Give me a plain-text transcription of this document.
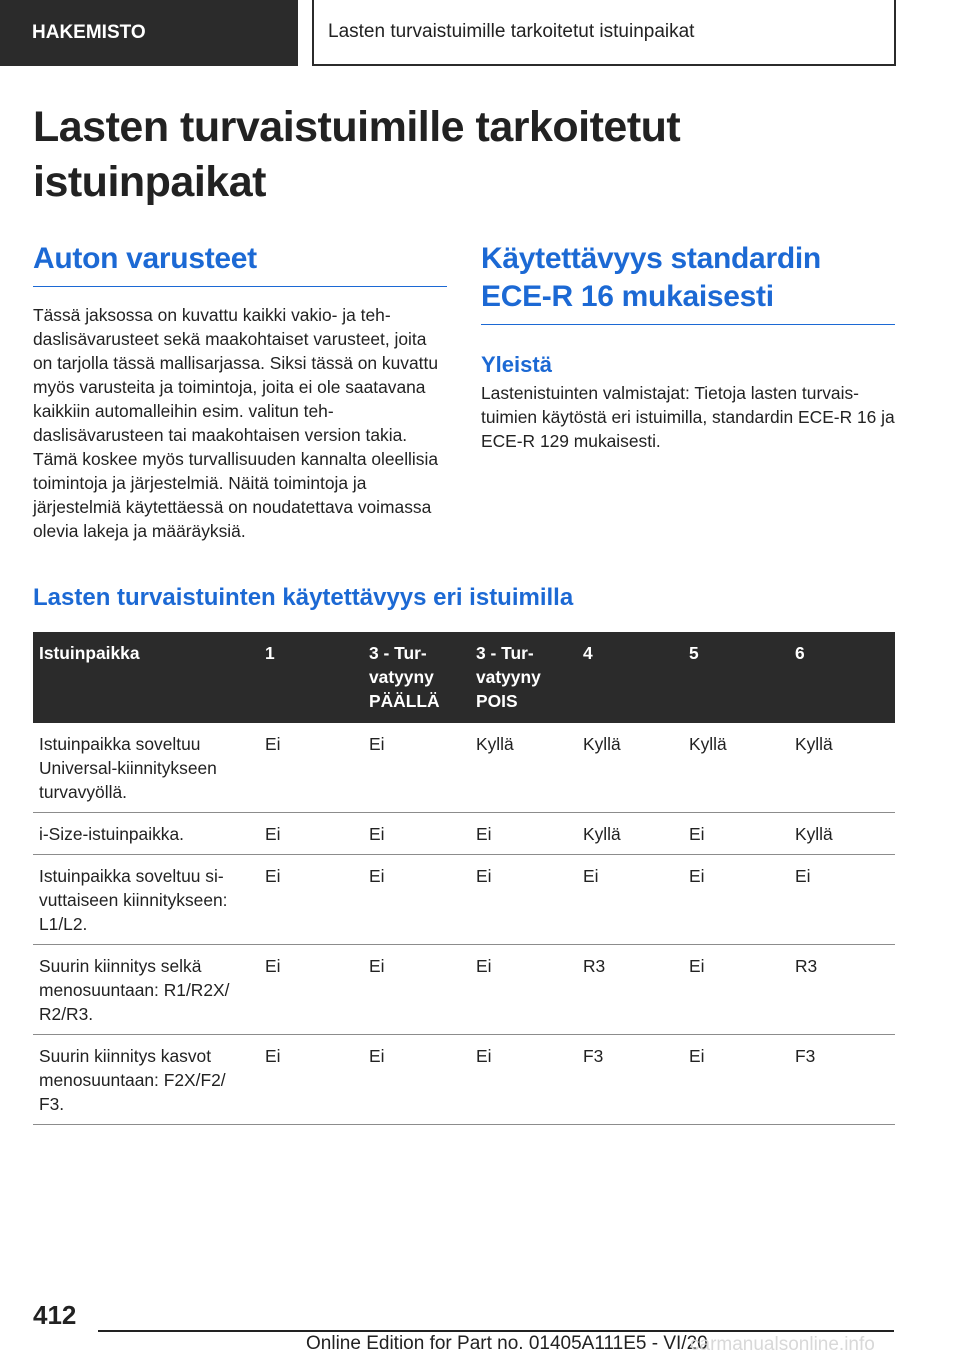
HAKEMISTO	Lasten turvaistuimille tarkoitetut istuinpaikat
Lasten turvaistuimille tarkoitetut istuinpaikat
Auton varusteet

Tässä jaksossa on kuvattu kaikki vakio- ja tehdaslisävarusteet sekä maakohtaiset varusteet, joita on tarjolla tässä mallisarjassa. Siksi tässä on kuvattu myös varusteita ja toimintoja, joita ei ole saatavana kaikkiin automalleihin esim. valitun tehdaslisävarusteen tai maakohtaisen version takia. Tämä koskee myös turvallisuuden kannalta oleellisia toimintoja ja järjestelmiä. Näitä toimintoja ja järjestelmiä käytettäessä on noudatettava voimassa olevia lakeja ja määräyksiä.

Käytettävyys standardin ECE-R 16 mukaisesti
Yleistä

Lastenistuinten valmistajat: Tietoja lasten turvaistuimien käytöstä eri istuimilla, standardin ECE-R 16 ja ECE-R 129 mukaisesti.

Lasten turvaistuinten käytettävyys eri istuimilla
Istuinpaikka	1	3 - Turvatyyny PÄÄLLÄ	3 - Turvatyyny POIS	4	5	6
Istuinpaikka soveltuu Universal-kiinnitykseen turvavyöllä.	Ei	Ei	Kyllä	Kyllä	Kyllä	Kyllä
i-Size-istuinpaikka.	Ei	Ei	Ei	Kyllä	Ei	Kyllä
Istuinpaikka soveltuu sivuttaiseen kiinnitykseen: L1/L2.	Ei	Ei	Ei	Ei	Ei	Ei
Suurin kiinnitys selkä menosuuntaan: R1/R2X/ R2/R3.	Ei	Ei	Ei	R3	Ei	R3
Suurin kiinnitys kasvot menosuuntaan: F2X/F2/ F3.	Ei	Ei	Ei	F3	Ei	F3
412
Online Edition for Part no. 01405A111E5 - VI/20
carmanualsonline.info
